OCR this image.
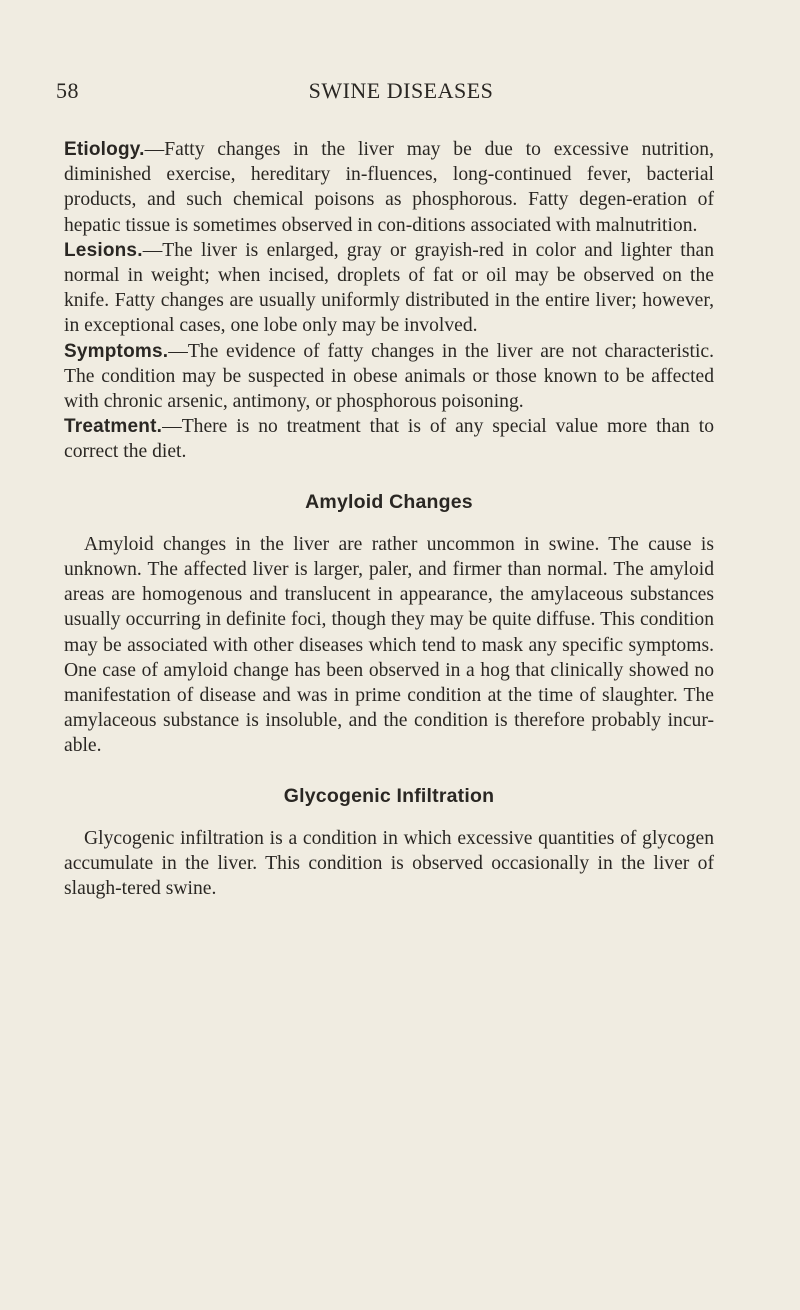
58	SWINE DISEASES

Etiology.—Fatty changes in the liver may be due to excessive nutrition, diminished exercise, hereditary in-fluences, long-continued fever, bacterial products, and such chemical poisons as phosphorous. Fatty degen-eration of hepatic tissue is sometimes observed in con-ditions associated with malnutrition.

Lesions.—The liver is enlarged, gray or grayish-red in color and lighter than normal in weight; when incised, droplets of fat or oil may be observed on the knife. Fatty changes are usually uniformly distributed in the entire liver; however, in exceptional cases, one lobe only may be involved.

Symptoms.—The evidence of fatty changes in the liver are not characteristic. The condition may be suspected in obese animals or those known to be affected with chronic arsenic, antimony, or phosphorous poisoning.

Treatment.—There is no treatment that is of any special value more than to correct the diet.

Amyloid Changes

Amyloid changes in the liver are rather uncommon in swine. The cause is unknown. The affected liver is larger, paler, and firmer than normal. The amyloid areas are homogenous and translucent in appearance, the amylaceous substances usually occurring in definite foci, though they may be quite diffuse. This condition may be associated with other diseases which tend to mask any specific symptoms. One case of amyloid change has been observed in a hog that clinically showed no manifestation of disease and was in prime condition at the time of slaughter. The amylaceous substance is insoluble, and the condition is therefore probably incur-able.

Glycogenic Infiltration

Glycogenic infiltration is a condition in which excessive quantities of glycogen accumulate in the liver. This condition is observed occasionally in the liver of slaugh-tered swine.
